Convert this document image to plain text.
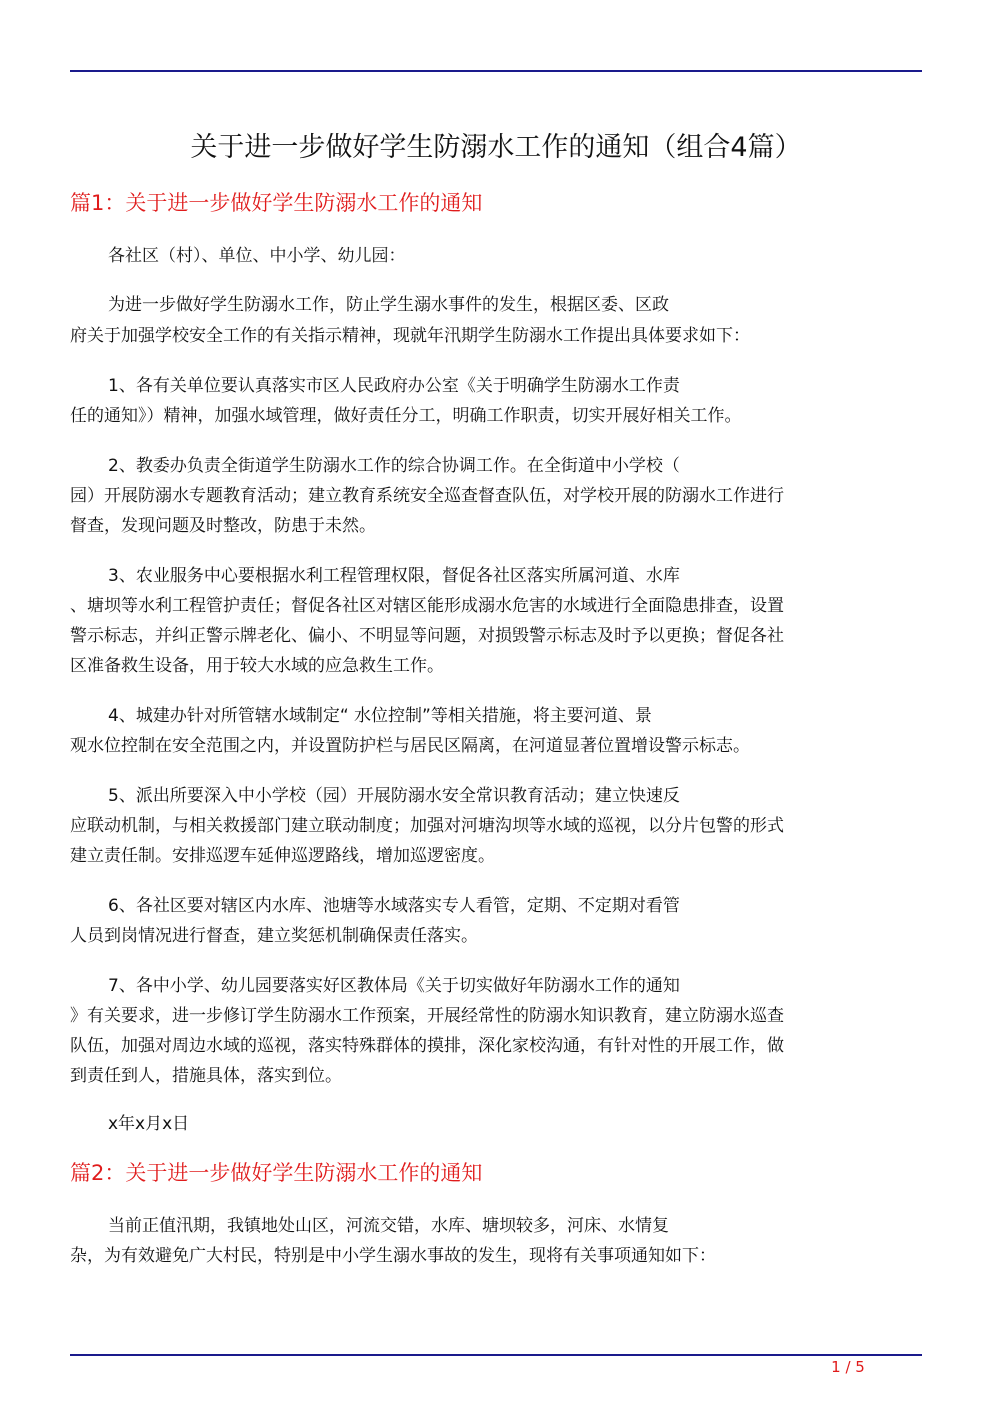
关于进一步做好学生防溺水工作的通知（组合4篇）
篇1：关于进一步做好学生防溺水工作的通知

各社区（村）、单位、中小学、幼儿园：

为进一步做好学生防溺水工作，防止学生溺水事件的发生，根据区委、区政

府关于加强学校安全工作的有关指示精神，现就年汛期学生防溺水工作提出具体要求如下：

1、各有关单位要认真落实市区人民政府办公室《关于明确学生防溺水工作责

任的通知》）精神，加强水域管理，做好责任分工，明确工作职责，切实开展好相关工作。

2、教委办负责全街道学生防溺水工作的综合协调工作。在全街道中小学校（

园）开展防溺水专题教育活动；建立教育系统安全巡查督查队伍，对学校开展的防溺水工作进行

督查，发现问题及时整改，防患于未然。

3、农业服务中心要根据水利工程管理权限，督促各社区落实所属河道、水库

、塘坝等水利工程管护责任；督促各社区对辖区能形成溺水危害的水域进行全面隐患排查，设置

警示标志，并纠正警示牌老化、偏小、不明显等问题，对损毁警示标志及时予以更换；督促各社

区准备救生设备，用于较大水域的应急救生工作。

4、城建办针对所管辖水域制定“ 水位控制”等相关措施，将主要河道、景

观水位控制在安全范围之内，并设置防护栏与居民区隔离，在河道显著位置增设警示标志。

5、派出所要深入中小学校（园）开展防溺水安全常识教育活动；建立快速反

应联动机制，与相关救援部门建立联动制度；加强对河塘沟坝等水域的巡视，以分片包警的形式

建立责任制。安排巡逻车延伸巡逻路线，增加巡逻密度。

6、各社区要对辖区内水库、池塘等水域落实专人看管，定期、不定期对看管

人员到岗情况进行督查，建立奖惩机制确保责任落实。

7、各中小学、幼儿园要落实好区教体局《关于切实做好年防溺水工作的通知

》有关要求，进一步修订学生防溺水工作预案，开展经常性的防溺水知识教育，建立防溺水巡查

队伍，加强对周边水域的巡视，落实特殊群体的摸排，深化家校沟通，有针对性的开展工作，做

到责任到人，措施具体，落实到位。

x年x月x日

篇2：关于进一步做好学生防溺水工作的通知

当前正值汛期，我镇地处山区，河流交错，水库、塘坝较多，河床、水情复

杂，为有效避免广大村民，特别是中小学生溺水事故的发生，现将有关事项通知如下：

1 / 5
